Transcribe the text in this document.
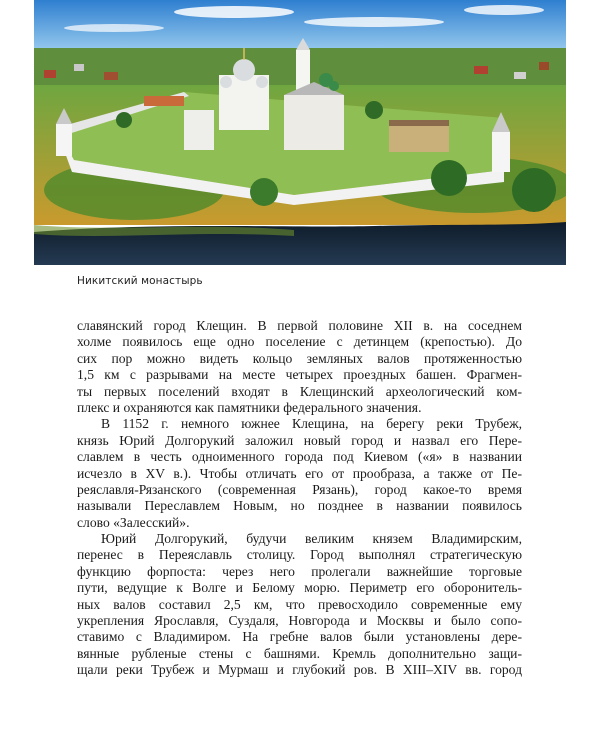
Никитский монастырь
славянский город Клещин. В первой половине XII в. на соседнем
холме появилось еще одно поселение с детинцем (крепостью). До
сих пор можно видеть кольцо земляных валов протяженностью
1,5 км с разрывами на месте четырех проездных башен. Фрагмен-
ты первых поселений входят в Клещинский археологический ком-
плекс и охраняются как памятники федерального значения.
В 1152 г. немного южнее Клещина, на берегу реки Трубеж,
князь Юрий Долгорукий заложил новый город и назвал его Пере-
славлем в честь одноименного города под Киевом («я» в названии
исчезло в XV в.). Чтобы отличать его от прообраза, а также от Пе-
реяславля-Рязанского (современная Рязань), город какое-то время
называли Переславлем Новым, но позднее в названии появилось
слово «Залесский».
Юрий Долгорукий, будучи великим князем Владимирским,
перенес в Переяславль столицу. Город выполнял стратегическую
функцию форпоста: через него пролегали важнейшие торговые
пути, ведущие к Волге и Белому морю. Периметр его оборонитель-
ных валов составил 2,5 км, что превосходило современные ему
укрепления Ярославля, Суздаля, Новгорода и Москвы и было сопо-
ставимо с Владимиром. На гребне валов были установлены дере-
вянные рубленые стены с башнями. Кремль дополнительно защи-
щали реки Трубеж и Мурмаш и глубокий ров. В XIII–XIV вв. город
